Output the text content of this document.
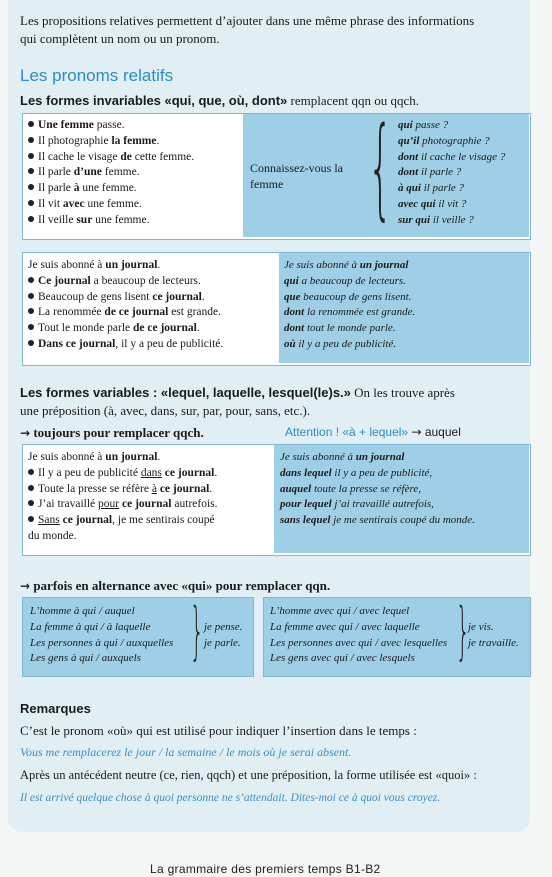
Les propositions relatives permettent d’ajouter dans une même phrase des informations

qui complètent un nom ou un pronom.

Les pronoms relatifs
Les formes invariables «qui, que, où, dont» remplacent qqn ou qqch.
Une femme passe.
Il photographie la femme.
Il cache le visage de cette femme.
Il parle d’une femme.
Il parle à une femme.
Il vit avec une femme.
Il veille sur une femme.
Connaissez-vous la femme { qui passe ?
qu’il photographie ?
dont il cache le visage ?
dont il parle ?
à qui il parle ?
avec qui il vit ?
sur qui il veille ?
Je suis abonné à un journal.
Ce journal a beaucoup de lecteurs.
Beaucoup de gens lisent ce journal.
La renommée de ce journal est grande.
Tout le monde parle de ce journal.
Dans ce journal, il y a peu de publicité.
Je suis abonné à un journal
qui a beaucoup de lecteurs.
que beaucoup de gens lisent.
dont la renommée est grande.
dont tout le monde parle.
où il y a peu de publicité.
Les formes variables : «lequel, laquelle, lesquel(le)s.» On les trouve après
une préposition (à, avec, dans, sur, par, pour, sans, etc.).
→ toujours pour remplacer qqch.	Attention ! «à + lequel» → auquel
Je suis abonné à un journal.
Il y a peu de publicité dans ce journal.
Toute la presse se réfère à ce journal.
J’ai travaillé pour ce journal autrefois.
Sans ce journal, je me sentirais coupé
du monde.
Je suis abonné à un journal
dans lequel il y a peu de publicité,
auquel toute la presse se réfère,
pour lequel j’ai travaillé autrefois,
sans lequel je me sentirais coupé du monde.
→ parfois en alternance avec «qui» pour remplacer qqn.
L’homme à qui / auquel
La femme à qui / à laquelle
Les personnes à qui / auxquelles
Les gens à qui / auxquels } je pense.
je parle.
L’homme avec qui / avec lequel
La femme avec qui / avec laquelle
Les personnes avec qui / avec lesquelles
Les gens avec qui / avec lesquels }
je vis.
je travaille.
Remarques
C’est le pronom «où» qui est utilisé pour indiquer l’insertion dans le temps :
Vous me remplacerez le jour / la semaine / le mois où je serai absent.
Après un antécédent neutre (ce, rien, qqch) et une préposition, la forme utilisée est «quoi» :
Il est arrivé quelque chose à quoi personne ne s’attendait. Dites-moi ce à quoi vous croyez.
La grammaire des premiers temps B1-B2
